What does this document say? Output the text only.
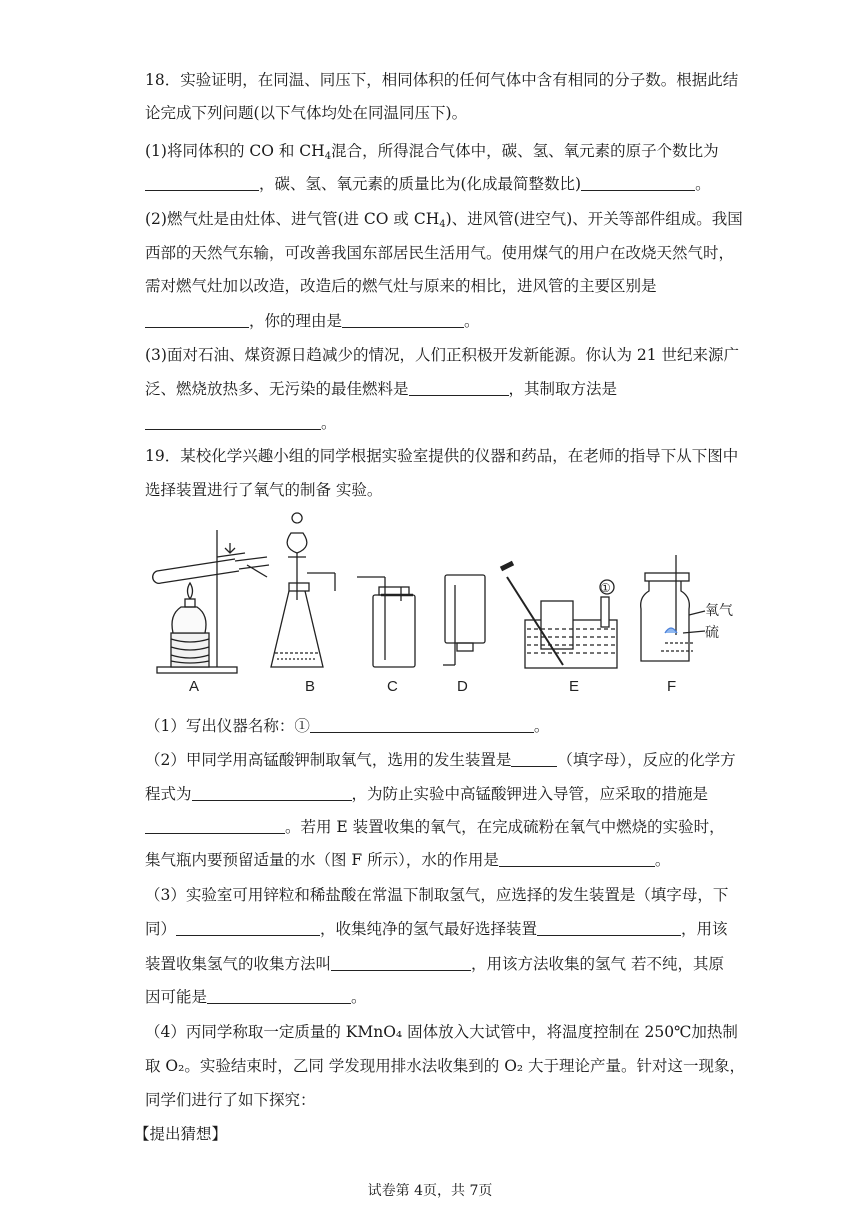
18．实验证明，在同温、同压下，相同体积的任何气体中含有相同的分子数。根据此结
论完成下列问题(以下气体均处在同温同压下)。
(1)将同体积的 CO 和 $CH_4$混合，所得混合气体中，碳、氢、氧元素的原子个数比为
，碳、氢、氧元素的质量比为(化成最简整数比)	。
(2)燃气灶是由灶体、进气管(进 CO 或 $CH_4$)、进风管(进空气)、开关等部件组成。我国
西部的天然气东输，可改善我国东部居民生活用气。使用煤气的用户在改烧天然气时，
需对燃气灶加以改造，改造后的燃气灶与原来的相比，进风管的主要区别是
，你的理由是	。
(3)面对石油、煤资源日趋减少的情况，人们正积极开发新能源。你认为 21 世纪来源广
泛、燃烧放热多、无污染的最佳燃料是	，其制取方法是
。
19．某校化学兴趣小组的同学根据实验室提供的仪器和药品，在老师的指导下从下图中
选择装置进行了氧气的制备 实验。
A	B	C	D	E
①
F
氧气
硫
（1）写出仪器名称：①	。
（2）甲同学用高锰酸钾制取氧气，选用的发生装置是	（填字母），反应的化学方
程式为	，为防止实验中高锰酸钾进入导管，应采取的措施是
。若用 E 装置收集的氧气，在完成硫粉在氧气中燃烧的实验时，
集气瓶内要预留适量的水（图 F 所示），水的作用是	。
（3）实验室可用锌粒和稀盐酸在常温下制取氢气，应选择的发生装置是（填字母，下
同）	，收集纯净的氢气最好选择装置	，用该
装置收集氢气的收集方法叫	，用该方法收集的氢气 若不纯，其原
因可能是	。
（4）丙同学称取一定质量的 KMnO₄ 固体放入大试管中，将温度控制在 250℃加热制
取 O₂。实验结束时，乙同 学发现用排水法收集到的 O₂ 大于理论产量。针对这一现象，
同学们进行了如下探究：
【提出猜想】
试卷第 4页，共 7页
